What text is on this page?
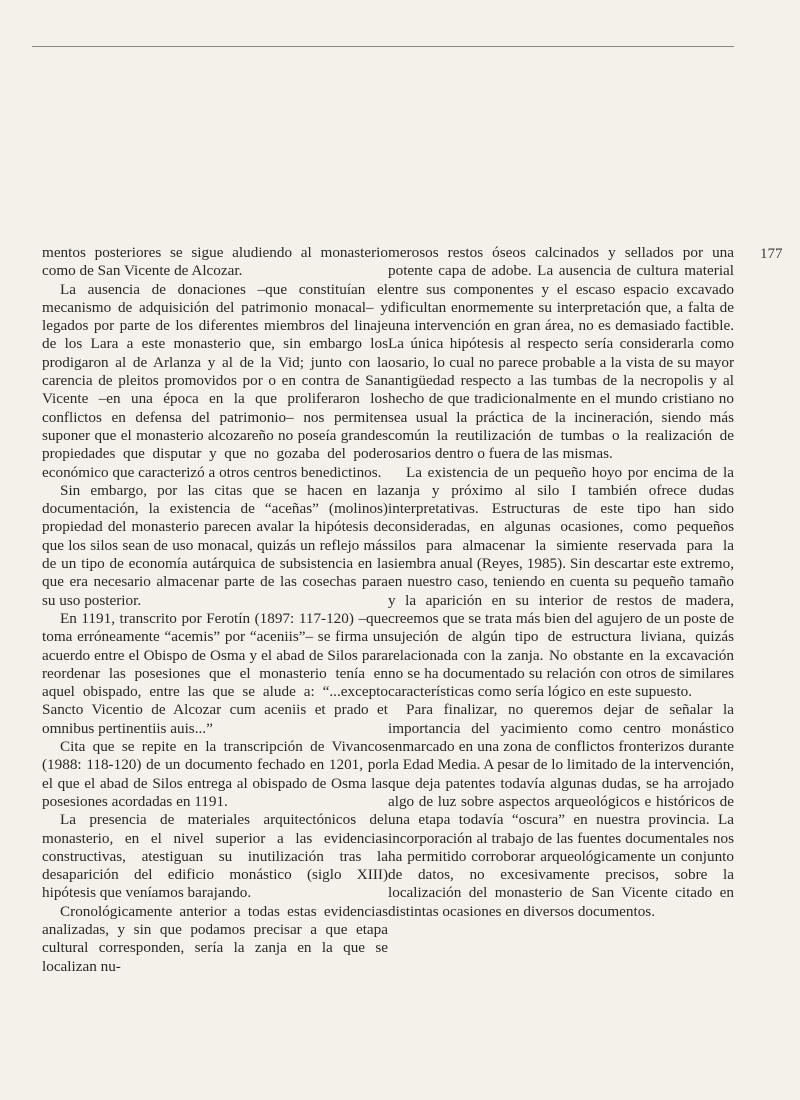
mentos posteriores se sigue aludiendo al monasterio como de San Vicente de Alcozar.

La ausencia de donaciones –que constituían el mecanismo de adquisición del patrimonio monacal– y legados por parte de los diferentes miembros del linaje de los Lara a este monasterio que, sin embargo los prodigaron al de Arlanza y al de la Vid; junto con la carencia de pleitos promovidos por o en contra de San Vicente –en una época en la que proliferaron los conflictos en defensa del patrimonio– nos permiten suponer que el monasterio alcozareño no poseía grandes propiedades que disputar y que no gozaba del poder económico que caracterizó a otros centros benedictinos.

Sin embargo, por las citas que se hacen en la documentación, la existencia de “aceñas” (molinos) propiedad del monasterio parecen avalar la hipótesis de que los silos sean de uso monacal, quizás un reflejo más de un tipo de economía autárquica de subsistencia en la que era necesario almacenar parte de las cosechas para su uso posterior.

En 1191, transcrito por Ferotín (1897: 117-120) –que toma erróneamente “acemis” por “aceniis”– se firma un acuerdo entre el Obispo de Osma y el abad de Silos para reordenar las posesiones que el monasterio tenía en aquel obispado, entre las que se alude a: “...excepto Sancto Vicentio de Alcozar cum aceniis et prado et omnibus pertinentiis auis...”

Cita que se repite en la transcripción de Vivancos (1988: 118-120) de un documento fechado en 1201, por el que el abad de Silos entrega al obispado de Osma las posesiones acordadas en 1191.

La presencia de materiales arquitectónicos del monasterio, en el nivel superior a las evidencias constructivas, atestiguan su inutilización tras la desaparición del edificio monástico (siglo XIII) hipótesis que veníamos barajando.

Cronológicamente anterior a todas estas evidencias analizadas, y sin que podamos precisar a que etapa cultural corresponden, sería la zanja en la que se localizan nu-

merosos restos óseos calcinados y sellados por una potente capa de adobe. La ausencia de cultura material entre sus componentes y el escaso espacio excavado dificultan enormemente su interpretación que, a falta de una intervención en gran área, no es demasiado factible. La única hipótesis al respecto sería considerarla como osario, lo cual no parece probable a la vista de su mayor antigüedad respecto a las tumbas de la necropolis y al hecho de que tradicionalmente en el mundo cristiano no sea usual la práctica de la incineración, siendo más común la reutilización de tumbas o la realización de osarios dentro o fuera de las mismas.

La existencia de un pequeño hoyo por encima de la zanja y próximo al silo I también ofrece dudas interpretativas. Estructuras de este tipo han sido consideradas, en algunas ocasiones, como pequeños silos para almacenar la simiente reservada para la siembra anual (Reyes, 1985). Sin descartar este extremo, en nuestro caso, teniendo en cuenta su pequeño tamaño y la aparición en su interior de restos de madera, creemos que se trata más bien del agujero de un poste de sujeción de algún tipo de estructura liviana, quizás relacionada con la zanja. No obstante en la excavación no se ha documentado su relación con otros de similares características como sería lógico en este supuesto.

Para finalizar, no queremos dejar de señalar la importancia del yacimiento como centro monástico enmarcado en una zona de conflictos fronterizos durante la Edad Media. A pesar de lo limitado de la intervención, que deja patentes todavía algunas dudas, se ha arrojado algo de luz sobre aspectos arqueológicos e históricos de una etapa todavía “oscura” en nuestra provincia. La incorporación al trabajo de las fuentes documentales nos ha permitido corroborar arqueológicamente un conjunto de datos, no excesivamente precisos, sobre la localización del monasterio de San Vicente citado en distintas ocasiones en diversos documentos.

177
